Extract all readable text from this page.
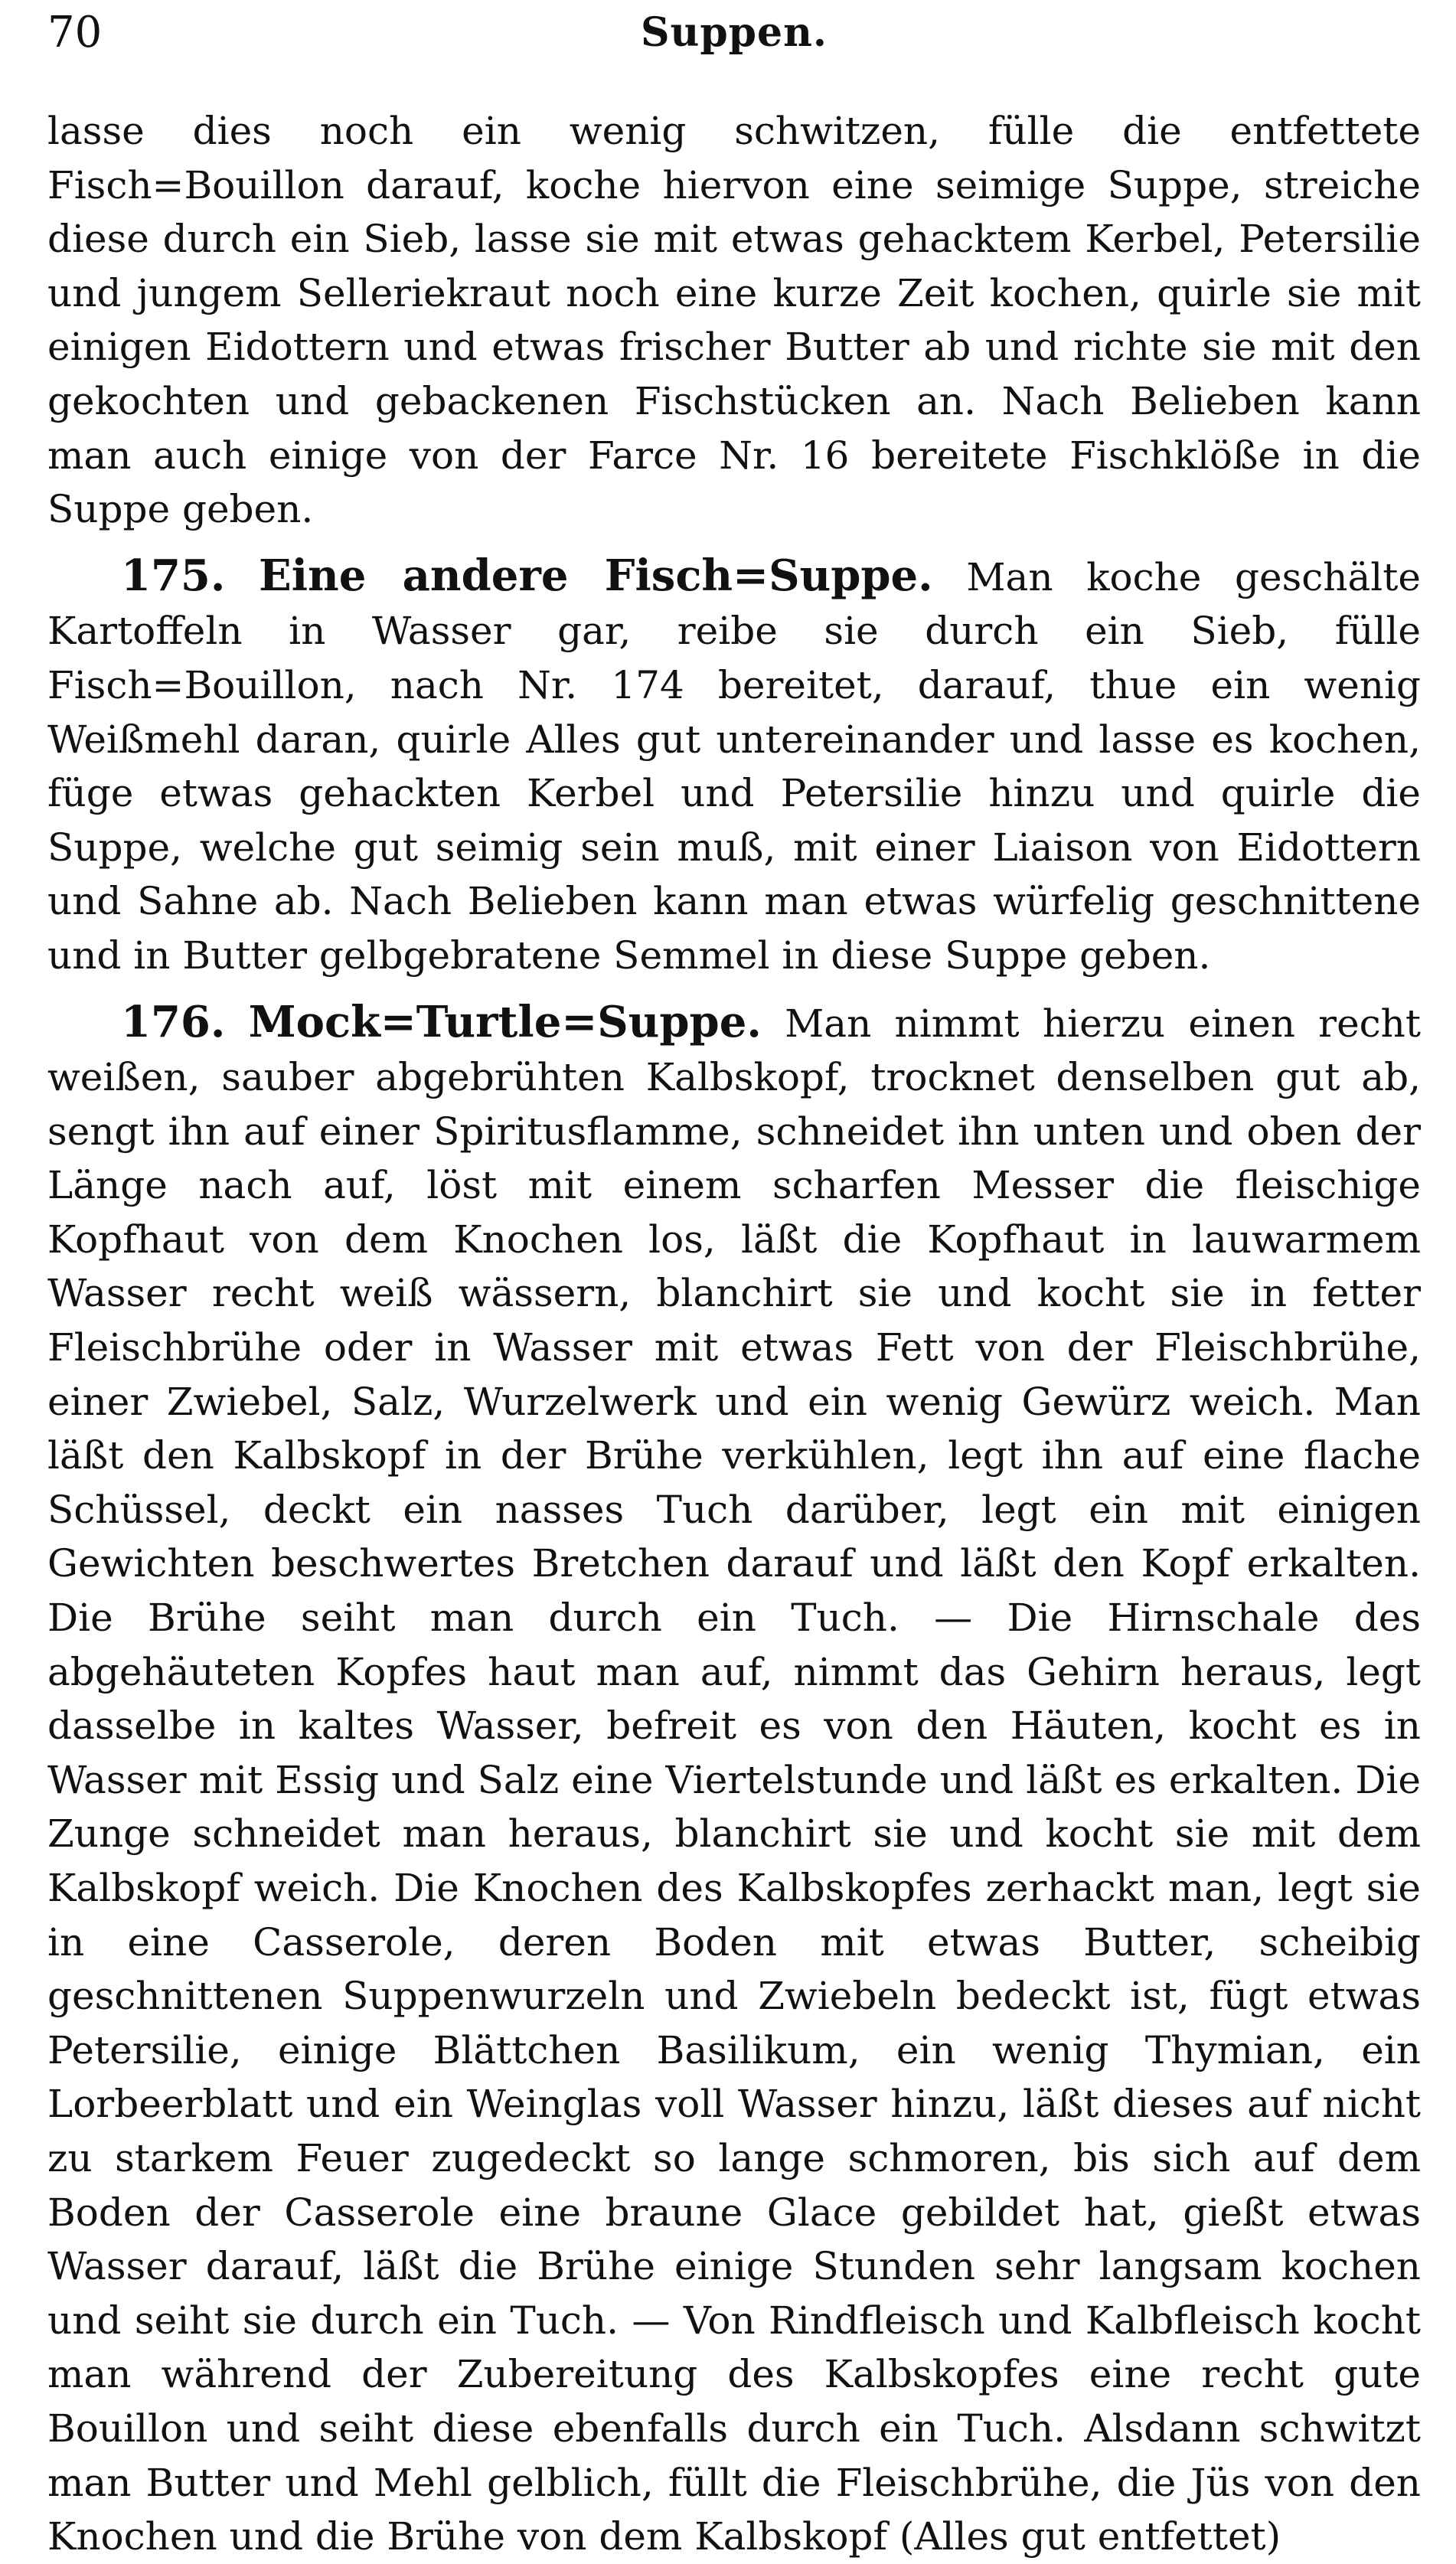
70	Suppen.

lasse dies noch ein wenig schwitzen, fülle die entfettete Fisch=Bouillon darauf, koche hiervon eine seimige Suppe, streiche diese durch ein Sieb, lasse sie mit etwas gehacktem Kerbel, Petersilie und jungem Selleriekraut noch eine kurze Zeit kochen, quirle sie mit einigen Eidottern und etwas frischer Butter ab und richte sie mit den gekochten und gebackenen Fischstücken an. Nach Belieben kann man auch einige von der Farce Nr. 16 bereitete Fischklöße in die Suppe geben.

175. Eine andere Fisch=Suppe. Man koche geschälte Kartoffeln in Wasser gar, reibe sie durch ein Sieb, fülle Fisch=Bouillon, nach Nr. 174 bereitet, darauf, thue ein wenig Weißmehl daran, quirle Alles gut untereinander und lasse es kochen, füge etwas gehackten Kerbel und Petersilie hinzu und quirle die Suppe, welche gut seimig sein muß, mit einer Liaison von Eidottern und Sahne ab. Nach Belieben kann man etwas würfelig geschnittene und in Butter gelbgebratene Semmel in diese Suppe geben.

176. Mock=Turtle=Suppe. Man nimmt hierzu einen recht weißen, sauber abgebrühten Kalbskopf, trocknet denselben gut ab, sengt ihn auf einer Spiritusflamme, schneidet ihn unten und oben der Länge nach auf, löst mit einem scharfen Messer die fleischige Kopfhaut von dem Knochen los, läßt die Kopfhaut in lauwarmem Wasser recht weiß wässern, blanchirt sie und kocht sie in fetter Fleischbrühe oder in Wasser mit etwas Fett von der Fleischbrühe, einer Zwiebel, Salz, Wurzelwerk und ein wenig Gewürz weich. Man läßt den Kalbskopf in der Brühe verkühlen, legt ihn auf eine flache Schüssel, deckt ein nasses Tuch darüber, legt ein mit einigen Gewichten beschwertes Bretchen darauf und läßt den Kopf erkalten. Die Brühe seiht man durch ein Tuch. — Die Hirnschale des abgehäuteten Kopfes haut man auf, nimmt das Gehirn heraus, legt dasselbe in kaltes Wasser, befreit es von den Häuten, kocht es in Wasser mit Essig und Salz eine Viertelstunde und läßt es erkalten. Die Zunge schneidet man heraus, blanchirt sie und kocht sie mit dem Kalbskopf weich. Die Knochen des Kalbskopfes zerhackt man, legt sie in eine Casserole, deren Boden mit etwas Butter, scheibig geschnittenen Suppenwurzeln und Zwiebeln bedeckt ist, fügt etwas Petersilie, einige Blättchen Basilikum, ein wenig Thymian, ein Lorbeerblatt und ein Weinglas voll Wasser hinzu, läßt dieses auf nicht zu starkem Feuer zugedeckt so lange schmoren, bis sich auf dem Boden der Casserole eine braune Glace gebildet hat, gießt etwas Wasser darauf, läßt die Brühe einige Stunden sehr langsam kochen und seiht sie durch ein Tuch. — Von Rindfleisch und Kalbfleisch kocht man während der Zubereitung des Kalbskopfes eine recht gute Bouillon und seiht diese ebenfalls durch ein Tuch. Alsdann schwitzt man Butter und Mehl gelblich, füllt die Fleischbrühe, die Jüs von den Knochen und die Brühe von dem Kalbskopf (Alles gut entfettet)
